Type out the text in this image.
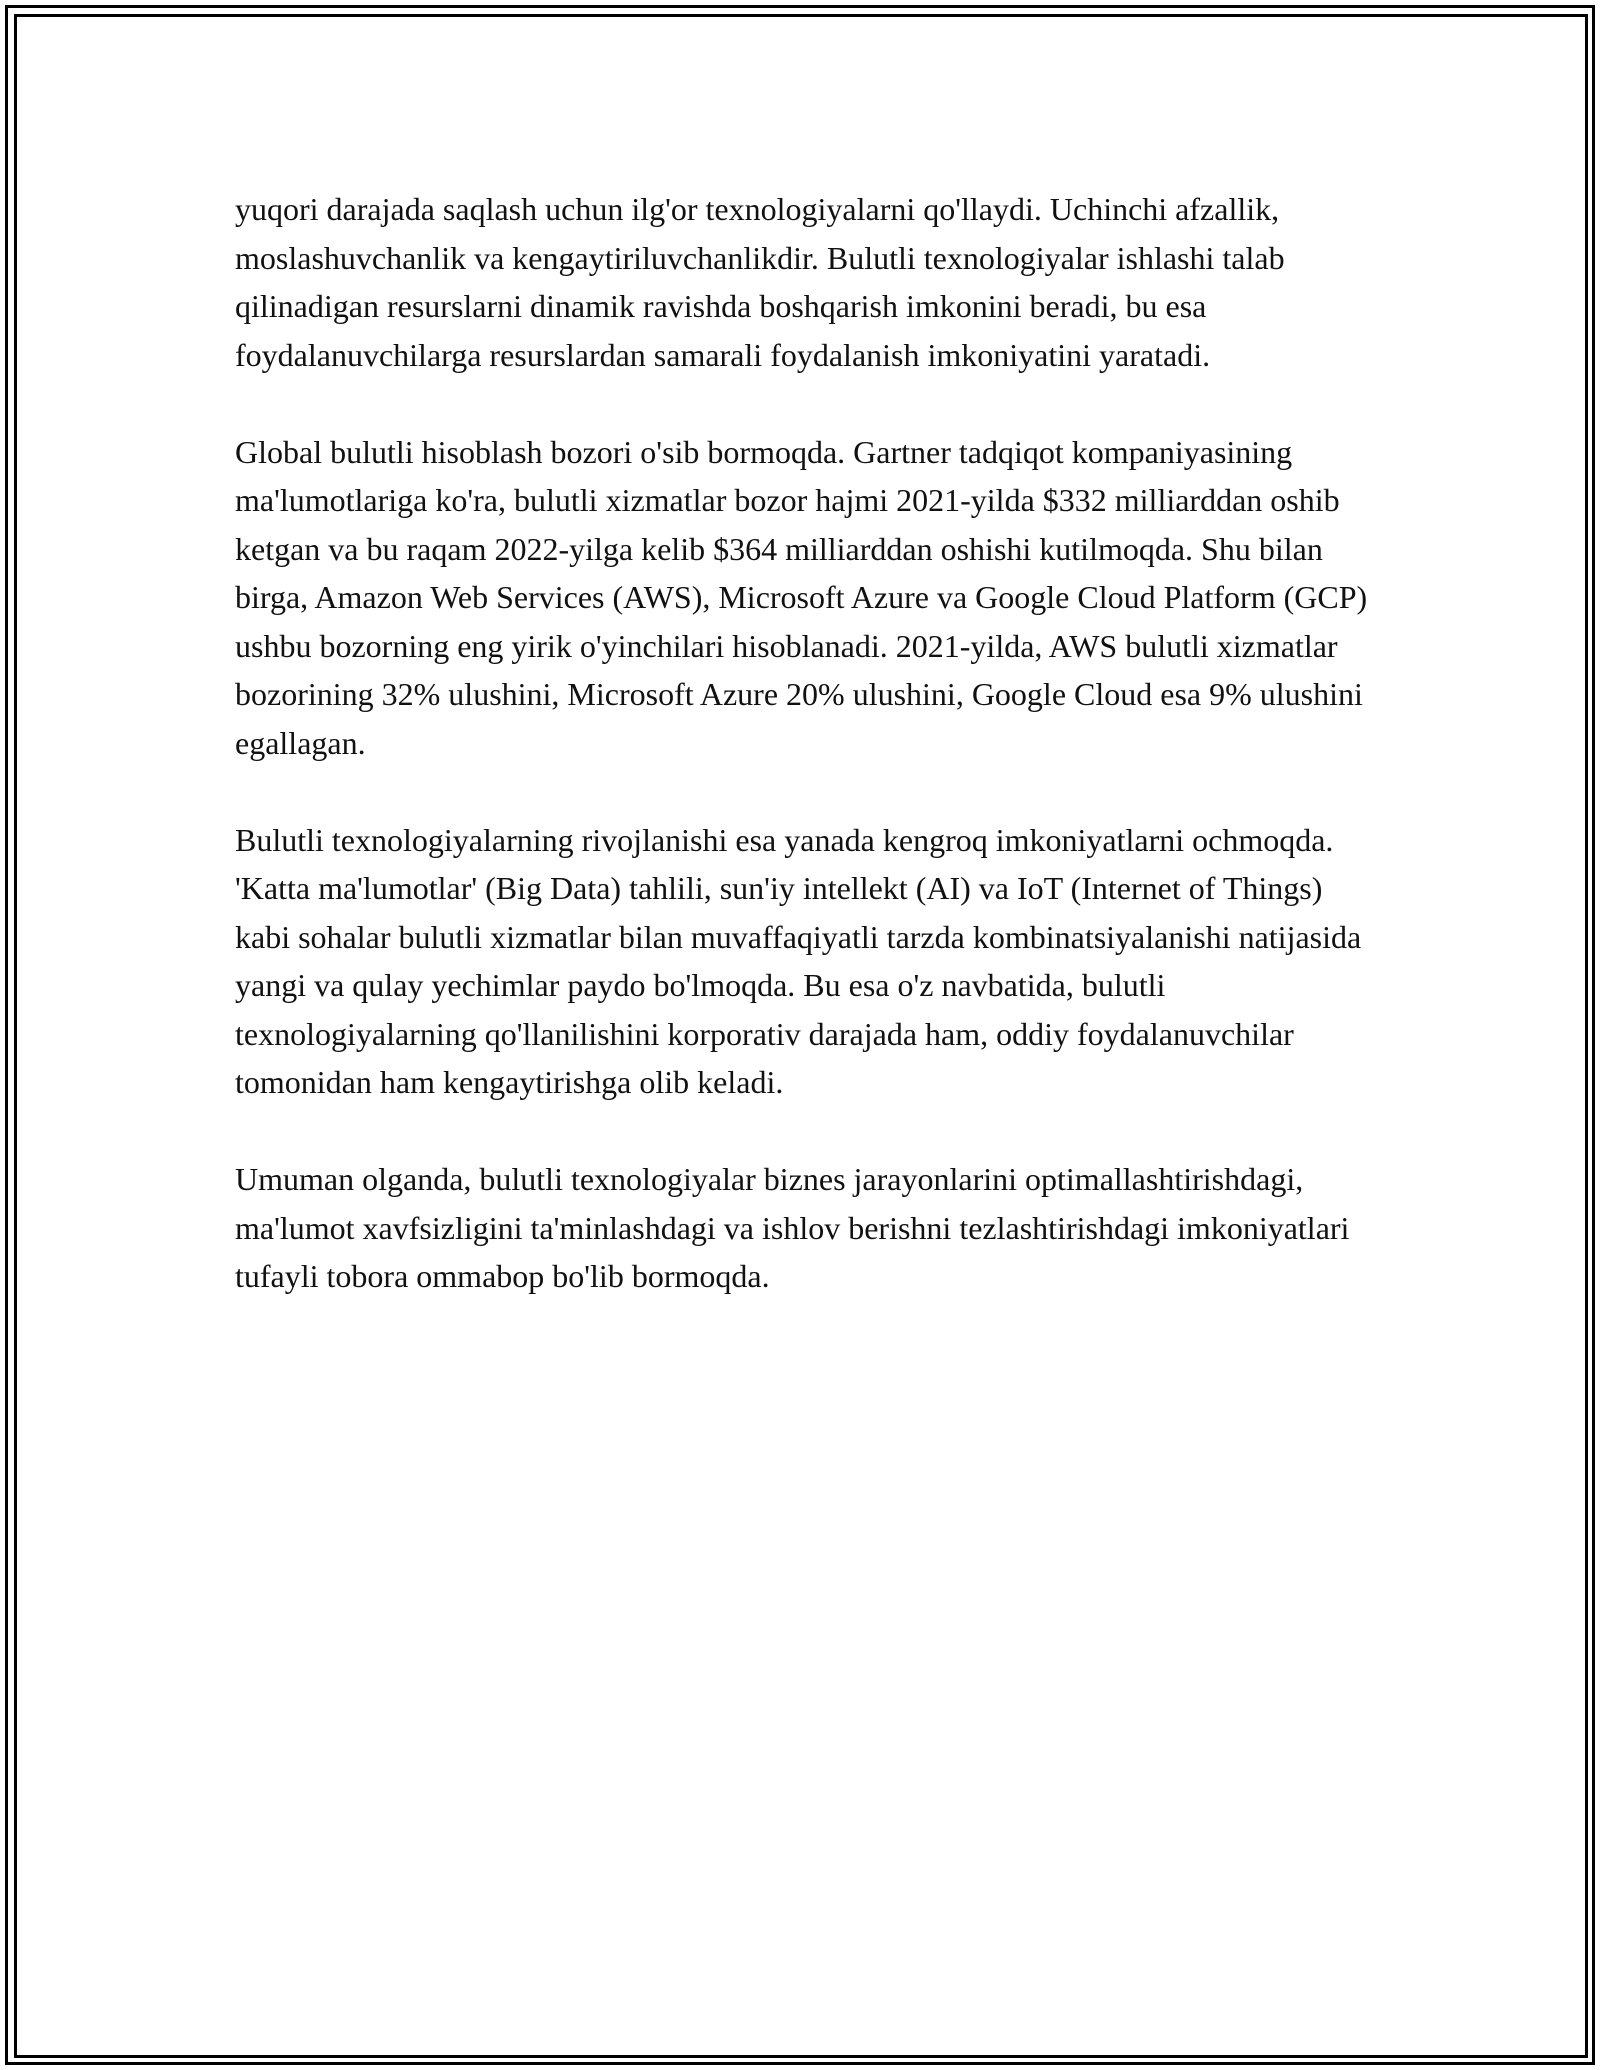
yuqori darajada saqlash uchun ilg'or texnologiyalarni qo'llaydi. Uchinchi afzallik, moslashuvchanlik va kengaytiriluvchanlikdir. Bulutli texnologiyalar ishlashi talab qilinadigan resurslarni dinamik ravishda boshqarish imkonini beradi, bu esa foydalanuvchilarga resurslardan samarali foydalanish imkoniyatini yaratadi.

Global bulutli hisoblash bozori o'sib bormoqda. Gartner tadqiqot kompaniyasining ma'lumotlariga ko'ra, bulutli xizmatlar bozor hajmi 2021-yilda $332 milliarddan oshib ketgan va bu raqam 2022-yilga kelib $364 milliarddan oshishi kutilmoqda. Shu bilan birga, Amazon Web Services (AWS), Microsoft Azure va Google Cloud Platform (GCP) ushbu bozorning eng yirik o'yinchilari hisoblanadi. 2021-yilda, AWS bulutli xizmatlar bozorining 32% ulushini, Microsoft Azure 20% ulushini, Google Cloud esa 9% ulushini egallagan.

Bulutli texnologiyalarning rivojlanishi esa yanada kengroq imkoniyatlarni ochmoqda. 'Katta ma'lumotlar' (Big Data) tahlili, sun'iy intellekt (AI) va IoT (Internet of Things) kabi sohalar bulutli xizmatlar bilan muvaffaqiyatli tarzda kombinatsiyalanishi natijasida yangi va qulay yechimlar paydo bo'lmoqda. Bu esa o'z navbatida, bulutli texnologiyalarning qo'llanilishini korporativ darajada ham, oddiy foydalanuvchilar tomonidan ham kengaytirishga olib keladi.

Umuman olganda, bulutli texnologiyalar biznes jarayonlarini optimallashtirishdagi, ma'lumot xavfsizligini ta'minlashdagi va ishlov berishni tezlashtirishdagi imkoniyatlari tufayli tobora ommabop bo'lib bormoqda.
